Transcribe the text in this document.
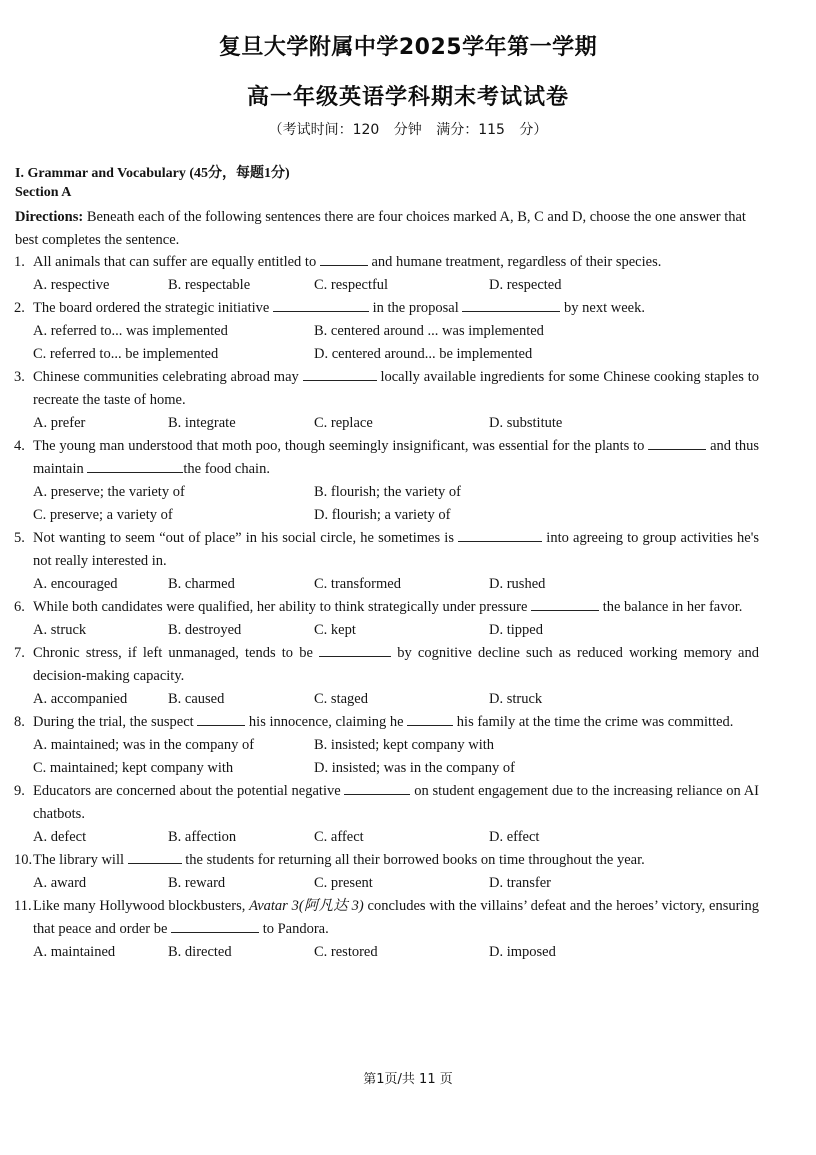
复旦大学附属中学2025学年第一学期
高一年级英语学科期末考试试卷
（考试时间：120 分钟 满分：115 分）
I. Grammar and Vocabulary (45分，每题1分)
Section A
Directions: Beneath each of the following sentences there are four choices marked A, B, C and D, choose the one answer that best completes the sentence.
1. All animals that can suffer are equally entitled to	and humane treatment, regardless of their species.
A. respective	B. respectable	C. respectful	D. respected
2. The board ordered the strategic initiative	in the proposal	by next week.
A. referred to... was implemented	B. centered around ... was implemented
C. referred to... be implemented	D. centered around... be implemented
3. Chinese communities celebrating abroad may	locally available ingredients for some Chinese cooking staples to recreate the taste of home.
A. prefer	B. integrate	C. replace	D. substitute
4. The young man understood that moth poo, though seemingly insignificant, was essential for the plants to	and thus maintain	the food chain.
A. preserve; the variety of	B. flourish; the variety of
C. preserve; a variety of	D. flourish; a variety of
5. Not wanting to seem “out of place” in his social circle, he sometimes is	into agreeing to group activities he's not really interested in.
A. encouraged	B. charmed	C. transformed	D. rushed
6. While both candidates were qualified, her ability to think strategically under pressure	the balance in her favor.
A. struck	B. destroyed	C. kept	D. tipped
7. Chronic stress, if left unmanaged, tends to be	by cognitive decline such as reduced working memory and decision-making capacity.
A. accompanied	B. caused	C. staged	D. struck
8. During the trial, the suspect	his innocence, claiming he	his family at the time the crime was committed.
A. maintained; was in the company of	B. insisted; kept company with
C. maintained; kept company with	D. insisted; was in the company of
9. Educators are concerned about the potential negative	on student engagement due to the increasing reliance on AI chatbots.
A. defect	B. affection	C. affect	D. effect
10. The library will	the students for returning all their borrowed books on time throughout the year.
A. award	B. reward	C. present	D. transfer
11. Like many Hollywood blockbusters, Avatar 3(阿凡达 3) concludes with the villains’ defeat and the heroes’ victory, ensuring that peace and order be	to Pandora.
A. maintained	B. directed	C. restored	D. imposed
第1页/共 11 页
